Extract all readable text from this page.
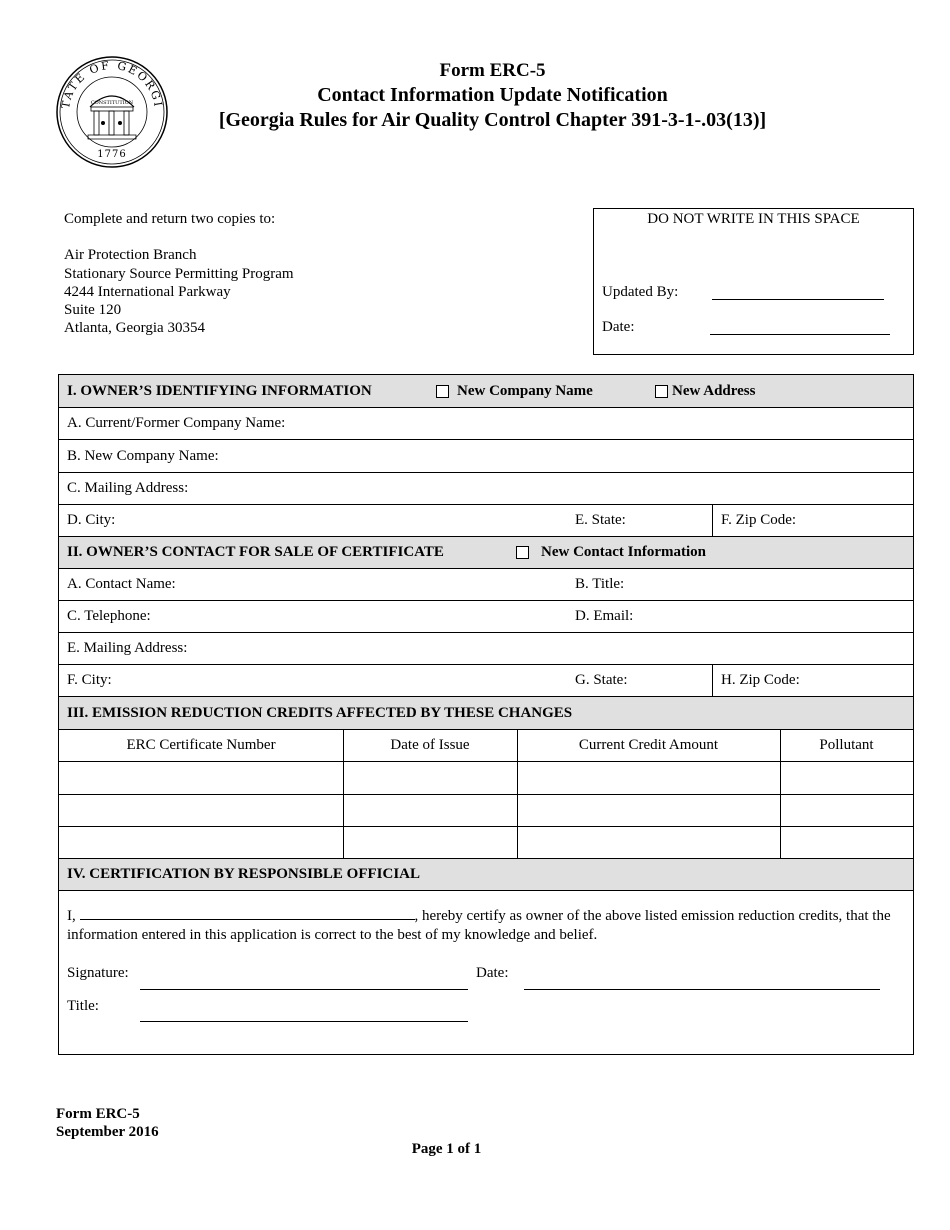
TATE OF GEORGI
CONSTITUTION
1776
Form ERC-5
Contact Information Update Notification
[Georgia Rules for Air Quality Control Chapter 391-3-1-.03(13)]
Complete and return two copies to:
Air Protection Branch
Stationary Source Permitting Program
4244 International Parkway
Suite 120
Atlanta, Georgia 30354
DO NOT WRITE IN THIS SPACE
Updated By:
Date:
I. OWNER’S IDENTIFYING INFORMATION	New Company Name	New Address
A. Current/Former Company Name:
B. New Company Name:
C. Mailing Address:
D. City:	E. State:	F. Zip Code:
II. OWNER’S CONTACT FOR SALE OF CERTIFICATE	New Contact Information
A. Contact Name:	B. Title:
C. Telephone:	D. Email:
E. Mailing Address:
F. City:	G. State:	H. Zip Code:
III. EMISSION REDUCTION CREDITS AFFECTED BY THESE CHANGES
ERC Certificate Number	Date of Issue	Current Credit Amount	Pollutant
IV. CERTIFICATION BY RESPONSIBLE OFFICIAL
I,	, hereby certify as owner of the above listed emission reduction credits, that the information entered in this application is correct to the best of my knowledge and belief.
Signature:	Date:
Title:
Form ERC-5
September 2016
Page 1 of 1
